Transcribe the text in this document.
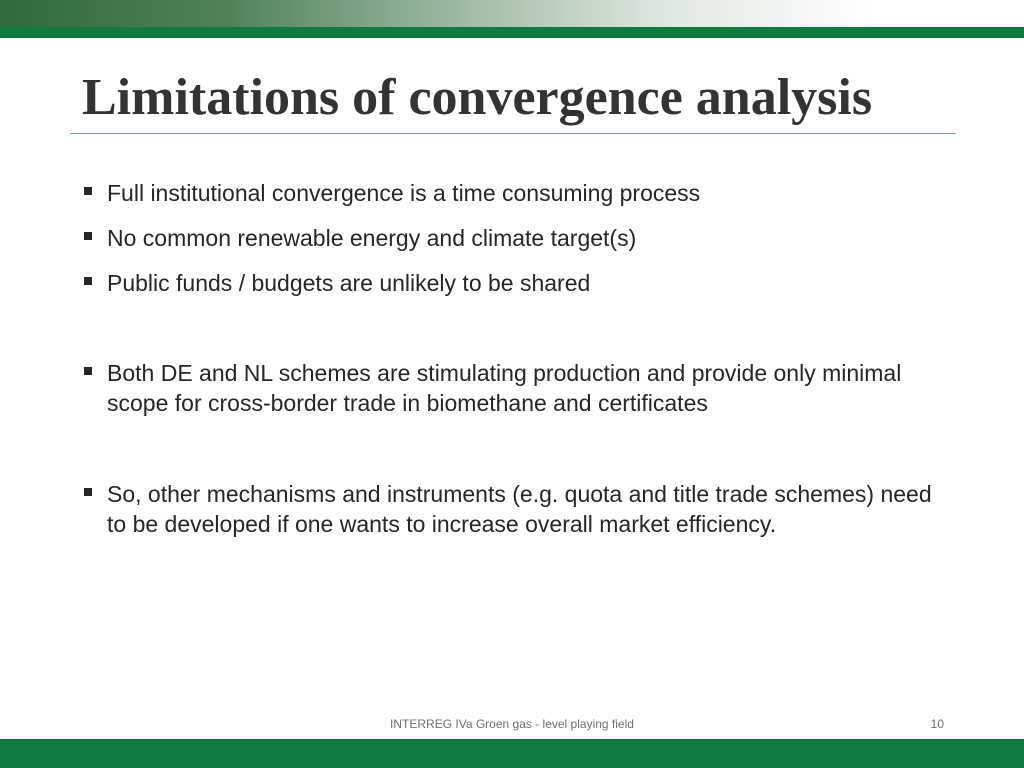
Limitations of convergence analysis
Full institutional convergence is a time consuming process
No common renewable energy and climate target(s)
Public funds / budgets are unlikely to be shared
Both DE and NL schemes are stimulating production and provide only minimal scope for cross-border trade in biomethane and certificates
So, other mechanisms and instruments (e.g. quota and title trade schemes) need to be developed if one wants to increase overall market efficiency.
INTERREG IVa Groen gas - level playing field	10
